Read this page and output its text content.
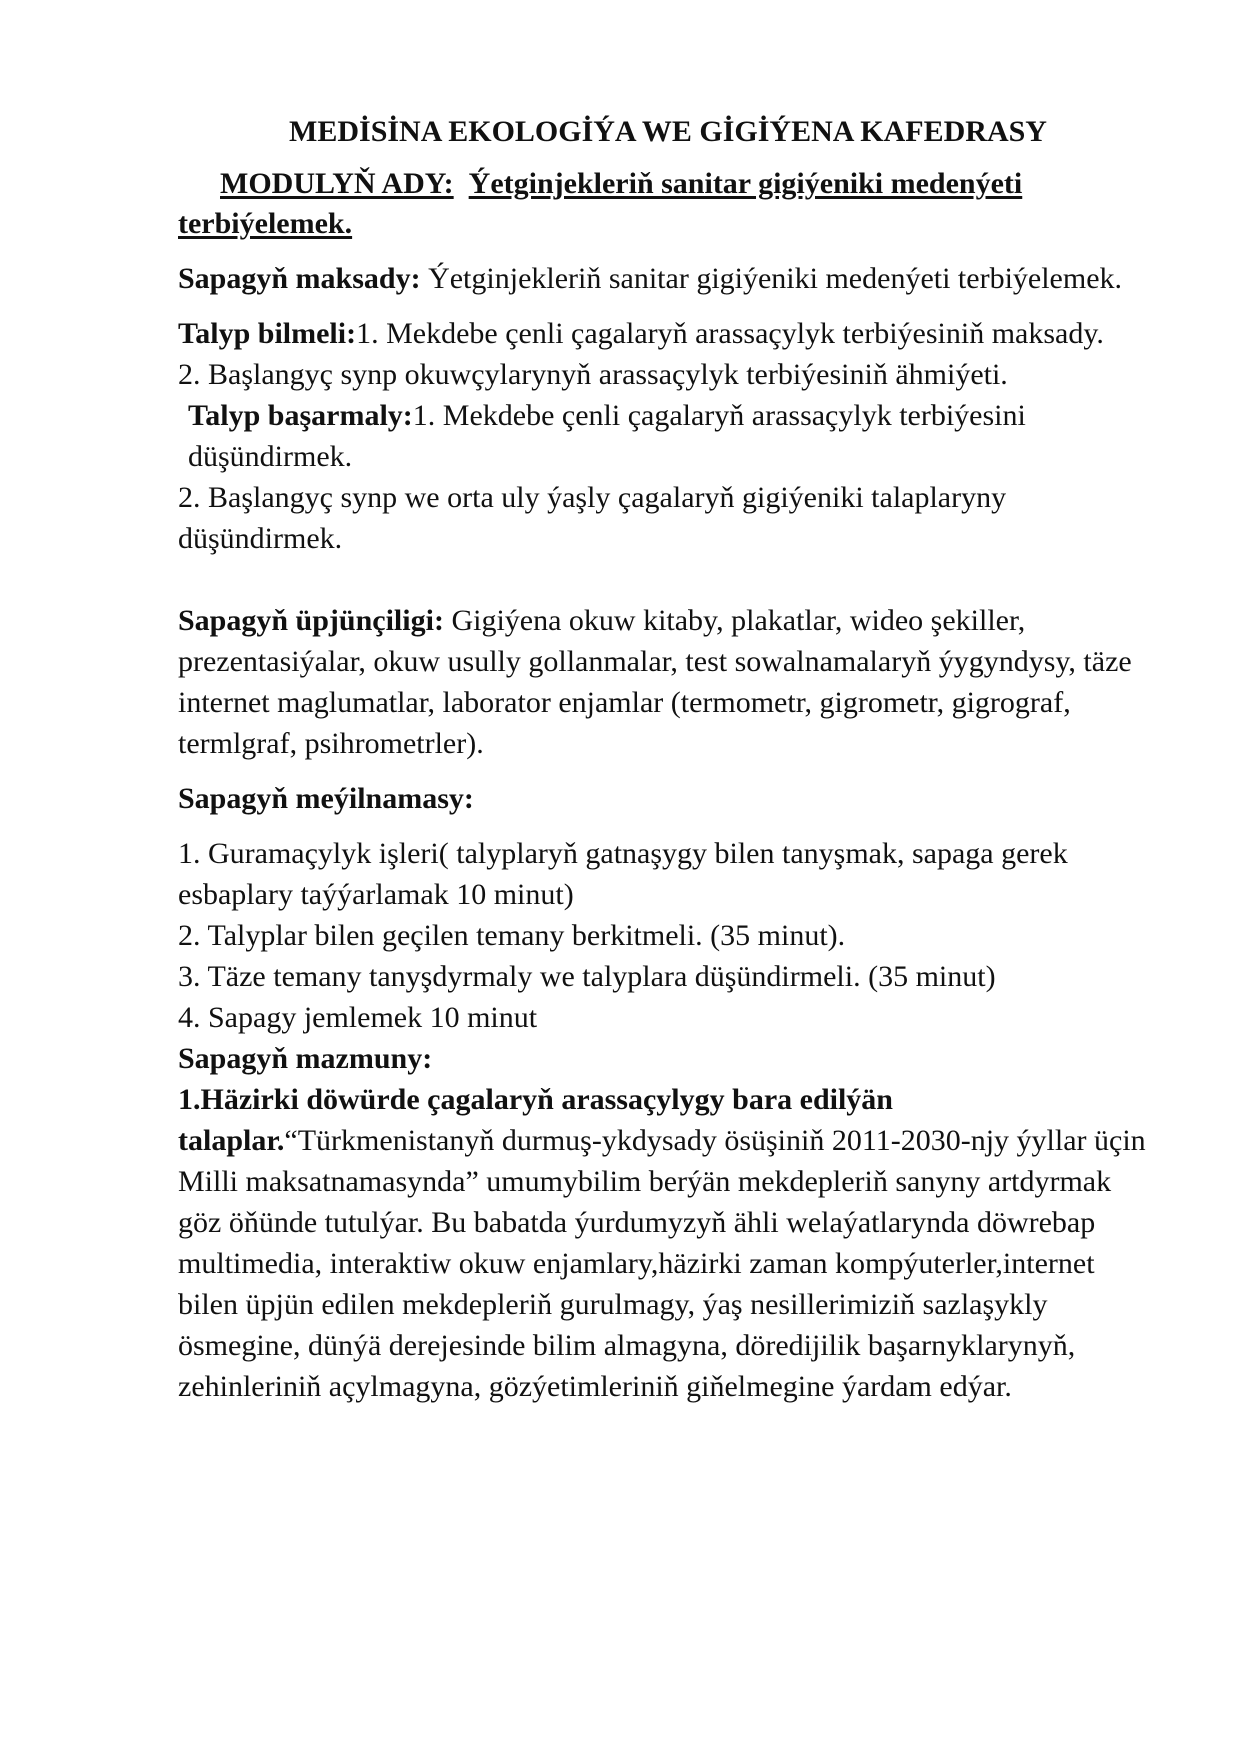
MEDİSİNA EKOLOGİÝA WE GİGİÝENA KAFEDRASY
MODULYŇ ADY: Ýetginjekleriň sanitar gigiýeniki medenýeti terbiýelemek.

Sapagyň maksady: Ýetginjekleriň sanitar gigiýeniki medenýeti terbiýelemek.

Talyp bilmeli:1. Mekdebe çenli çagalaryň arassaçylyk terbiýesiniň maksady.

2. Başlangyç synp okuwçylarynyň arassaçylyk terbiýesiniň ähmiýeti.

Talyp başarmaly:1. Mekdebe çenli çagalaryň arassaçylyk terbiýesini düşündirmek.

2. Başlangyç synp we orta uly ýaşly çagalaryň gigiýeniki talaplaryny düşündirmek.

Sapagyň üpjünçiligi: Gigiýena okuw kitaby, plakatlar, wideo şekiller, prezentasiýalar, okuw usully gollanmalar, test sowalnamalaryň ýygyndysy, täze internet maglumatlar, laborator enjamlar (termometr, gigrometr, gigrograf, termlgraf, psihrometrler).

Sapagyň meýilnamasy:

1. Guramaçylyk işleri( talyplaryň gatnaşygy bilen tanyşmak, sapaga gerek esbaplary taýýarlamak 10 minut)

2. Talyplar bilen geçilen temany berkitmeli. (35 minut).

3. Täze temany tanyşdyrmaly we talyplara düşündirmeli. (35 minut)

4. Sapagy jemlemek 10 minut

Sapagyň mazmuny:

1.Häzirki döwürde çagalaryň arassaçylygy bara edilýän talaplar.“Türkmenistanyň durmuş-ykdysady ösüşiniň 2011-2030-njy ýyllar üçin Milli maksatnamasynda” umumybilim berýän mekdepleriň sanyny artdyrmak göz öňünde tutulýar. Bu babatda ýurdumyzyň ähli welaýatlarynda döwrebap multimedia, interaktiw okuw enjamlary,häzirki zaman kompýuterler,internet bilen üpjün edilen mekdepleriň gurulmagy, ýaş nesillerimiziň sazlaşykly ösmegine, dünýä derejesinde bilim almagyna, döredijilik başarnyklarynyň, zehinleriniň açylmagyna, gözýetimleriniň giňelmegine ýardam edýar.
